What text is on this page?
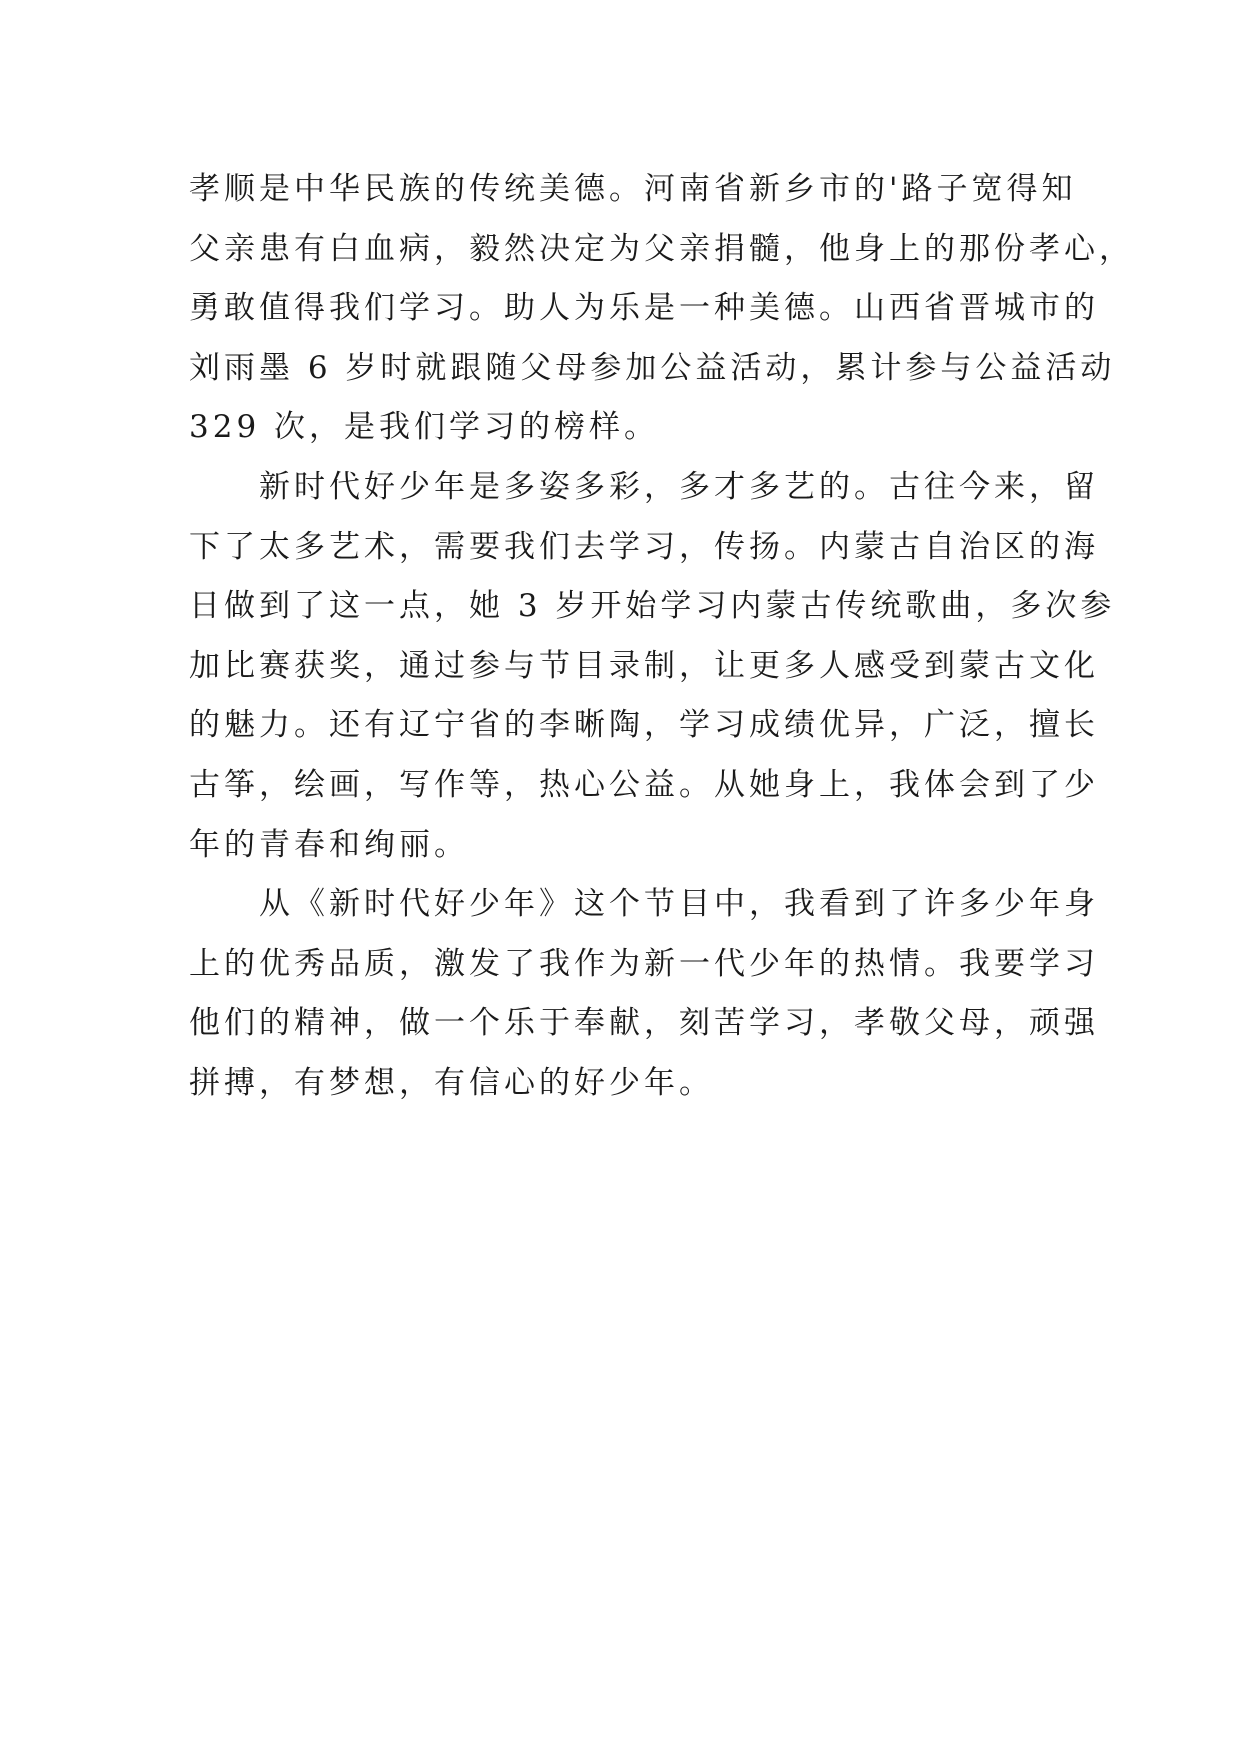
孝顺是中华民族的传统美德。河南省新乡市的'路子宽得知

父亲患有白血病，毅然决定为父亲捐髓，他身上的那份孝心，

勇敢值得我们学习。助人为乐是一种美德。山西省晋城市的

刘雨墨 6 岁时就跟随父母参加公益活动，累计参与公益活动

329 次，是我们学习的榜样。

新时代好少年是多姿多彩，多才多艺的。古往今来，留

下了太多艺术，需要我们去学习，传扬。内蒙古自治区的海

日做到了这一点，她 3 岁开始学习内蒙古传统歌曲，多次参

加比赛获奖，通过参与节目录制，让更多人感受到蒙古文化

的魅力。还有辽宁省的李晰陶，学习成绩优异，广泛，擅长

古筝，绘画，写作等，热心公益。从她身上，我体会到了少

年的青春和绚丽。

从《新时代好少年》这个节目中，我看到了许多少年身

上的优秀品质，激发了我作为新一代少年的热情。我要学习

他们的精神，做一个乐于奉献，刻苦学习，孝敬父母，顽强

拼搏，有梦想，有信心的好少年。
